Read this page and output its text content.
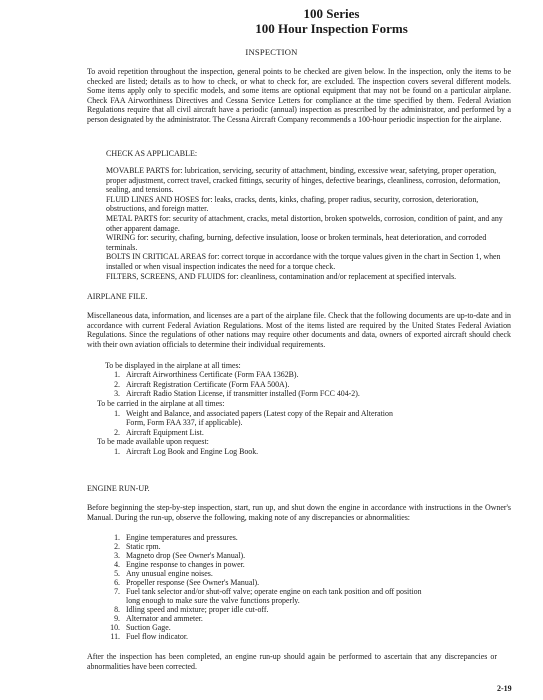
100 Series
100 Hour Inspection Forms
INSPECTION

To avoid repetition throughout the inspection, general points to be checked are given below. In the inspection, only the items to be checked are listed; details as to how to check, or what to check for, are excluded. The inspection covers several different models. Some items apply only to specific models, and some items are optional equipment that may not be found on a particular airplane. Check FAA Airworthiness Directives and Cessna Service Letters for compliance at the time specified by them. Federal Aviation Regulations require that all civil aircraft have a periodic (annual) inspection as prescribed by the administrator, and performed by a person designated by the administrator. The Cessna Aircraft Company recommends a 100-hour periodic inspection for the airplane.

CHECK AS APPLICABLE:
MOVABLE PARTS for: lubrication, servicing, security of attachment, binding, excessive wear, safetying, proper operation, proper adjustment, correct travel, cracked fittings, security of hinges, defective bearings, cleanliness, corrosion, deformation, sealing, and tensions.
FLUID LINES AND HOSES for: leaks, cracks, dents, kinks, chafing, proper radius, security, corrosion, deterioration, obstructions, and foreign matter.
METAL PARTS for: security of attachment, cracks, metal distortion, broken spotwelds, corrosion, condition of paint, and any other apparent damage.
WIRING for: security, chafing, burning, defective insulation, loose or broken terminals, heat deterioration, and corroded terminals.
BOLTS IN CRITICAL AREAS for: correct torque in accordance with the torque values given in the chart in Section 1, when installed or when visual inspection indicates the need for a torque check.
FILTERS, SCREENS, AND FLUIDS for: cleanliness, contamination and/or replacement at specified intervals.
AIRPLANE FILE.

Miscellaneous data, information, and licenses are a part of the airplane file. Check that the following documents are up-to-date and in accordance with current Federal Aviation Regulations. Most of the items listed are required by the United States Federal Aviation Regulations. Since the regulations of other nations may require other documents and data, owners of exported aircraft should check with their own aviation officials to determine their individual requirements.

To be displayed in the airplane at all times:
1. Aircraft Airworthiness Certificate (Form FAA 1362B).
2. Aircraft Registration Certificate (Form FAA 500A).
3. Aircraft Radio Station License, if transmitter installed (Form FCC 404-2).
To be carried in the airplane at all times:
1. Weight and Balance, and associated papers (Latest copy of the Repair and Alteration
Form, Form FAA 337, if applicable).
2. Aircraft Equipment List.
To be made available upon request:
1. Aircraft Log Book and Engine Log Book.
ENGINE RUN-UP.

Before beginning the step-by-step inspection, start, run up, and shut down the engine in accordance with instructions in the Owner's Manual. During the run-up, observe the following, making note of any discrepancies or abnormalities:

1. Engine temperatures and pressures.
2. Static rpm.
3. Magneto drop (See Owner's Manual).
4. Engine response to changes in power.
5. Any unusual engine noises.
6. Propeller response (See Owner's Manual).
7. Fuel tank selector and/or shut-off valve; operate engine on each tank position and off position
long enough to make sure the valve functions properly.
8. Idling speed and mixture; proper idle cut-off.
9. Alternator and ammeter.
10. Suction Gage.
11. Fuel flow indicator.

After the inspection has been completed, an engine run-up should again be performed to ascertain that any discrepancies or abnormalities have been corrected.

2-19
